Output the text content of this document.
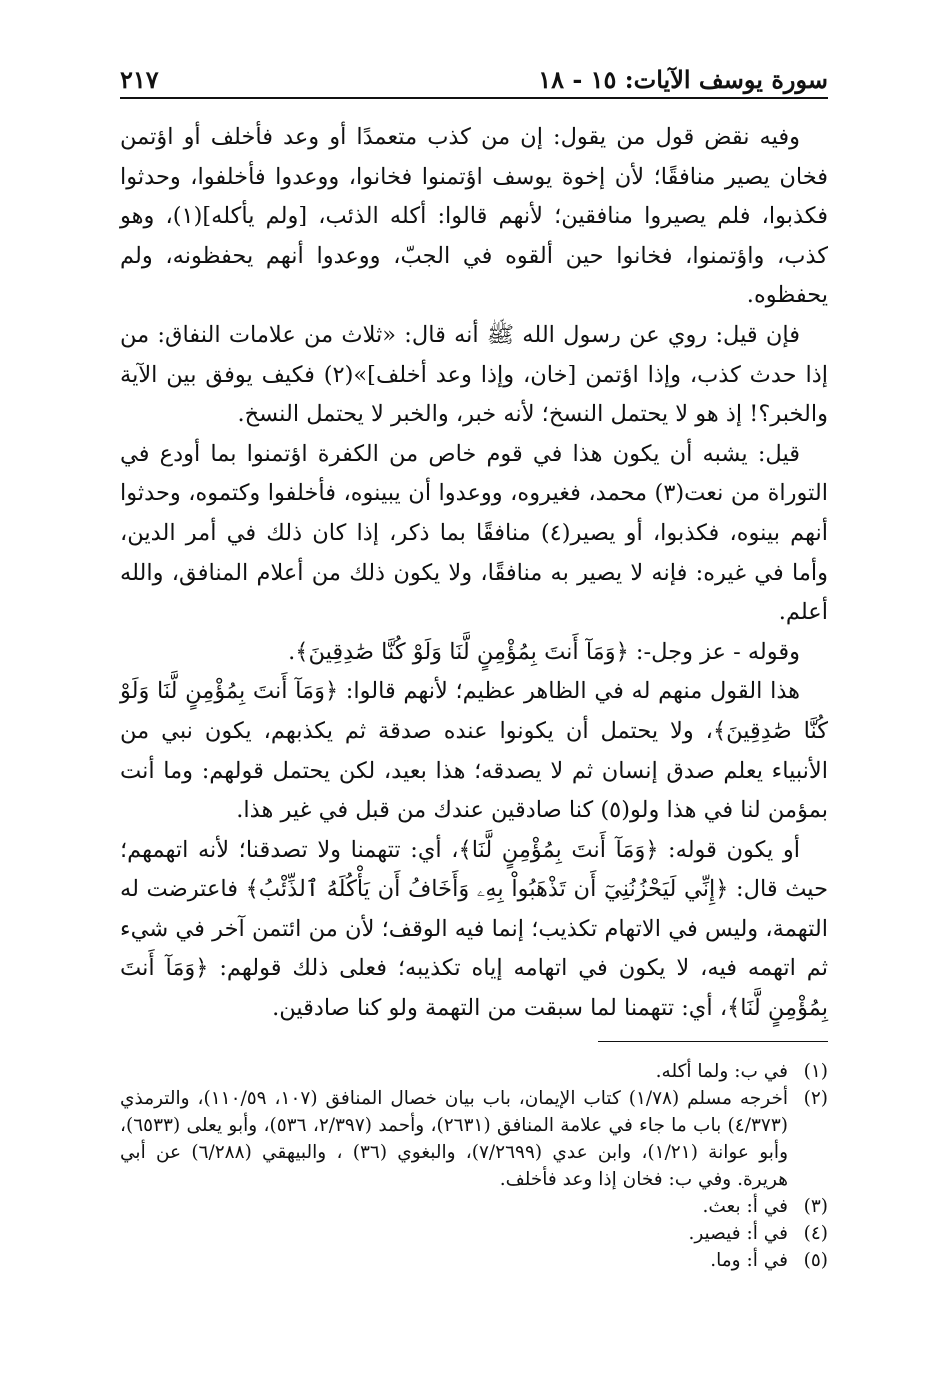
سورة يوسف الآيات: ١٥ - ١٨
٢١٧

وفيه نقض قول من يقول: إن من كذب متعمدًا أو وعد فأخلف أو اؤتمن فخان يصير منافقًا؛ لأن إخوة يوسف اؤتمنوا فخانوا، ووعدوا فأخلفوا، وحدثوا فكذبوا، فلم يصيروا منافقين؛ لأنهم قالوا: أكله الذئب، [ولم يأكله](١)، وهو كذب، واؤتمنوا، فخانوا حين ألقوه في الجبّ، ووعدوا أنهم يحفظونه، ولم يحفظوه.

فإن قيل: روي عن رسول الله ﷺ أنه قال: «ثلاث من علامات النفاق: من إذا حدث كذب، وإذا اؤتمن [خان، وإذا وعد أخلف]»(٢) فكيف يوفق بين الآية والخبر؟! إذ هو لا يحتمل النسخ؛ لأنه خبر، والخبر لا يحتمل النسخ.

قيل: يشبه أن يكون هذا في قوم خاص من الكفرة اؤتمنوا بما أودع في التوراة من نعت(٣) محمد، فغيروه، ووعدوا أن يبينوه، فأخلفوا وكتموه، وحدثوا أنهم بينوه، فكذبوا، أو يصير(٤) منافقًا بما ذكر، إذا كان ذلك في أمر الدين، وأما في غيره: فإنه لا يصير به منافقًا، ولا يكون ذلك من أعلام المنافق، والله أعلم.

وقوله - عز وجل-: ﴿وَمَآ أَنتَ بِمُؤْمِنٍ لَّنَا وَلَوْ كُنَّا صَٰدِقِينَ﴾.

هذا القول منهم له في الظاهر عظيم؛ لأنهم قالوا: ﴿وَمَآ أَنتَ بِمُؤْمِنٍ لَّنَا وَلَوْ كُنَّا صَٰدِقِينَ﴾، ولا يحتمل أن يكونوا عنده صدقة ثم يكذبهم، يكون نبي من الأنبياء يعلم صدق إنسان ثم لا يصدقه؛ هذا بعيد، لكن يحتمل قولهم: وما أنت بمؤمن لنا في هذا ولو(٥) كنا صادقين عندك من قبل في غير هذا.

أو يكون قوله: ﴿وَمَآ أَنتَ بِمُؤْمِنٍ لَّنَا﴾، أي: تتهمنا ولا تصدقنا؛ لأنه اتهمهم؛ حيث قال: ﴿إِنِّي لَيَحْزُنُنِيٓ أَن تَذْهَبُواْ بِهِۦ وَأَخَافُ أَن يَأْكُلَهُ ٱلذِّئْبُ﴾ فاعترضت له التهمة، وليس في الاتهام تكذيب؛ إنما فيه الوقف؛ لأن من ائتمن آخر في شيء ثم اتهمه فيه، لا يكون في اتهامه إياه تكذيبه؛ فعلى ذلك قولهم: ﴿وَمَآ أَنتَ بِمُؤْمِنٍ لَّنَا﴾، أي: تتهمنا لما سبقت من التهمة ولو كنا صادقين.

(١)
في ب: ولما أكله.
(٢)
أخرجه مسلم (١/٧٨) كتاب الإيمان، باب بيان خصال المنافق (١٠٧، ١١٠/٥٩)، والترمذي (٤/٣٧٣) باب ما جاء في علامة المنافق (٢٦٣١)، وأحمد (٢/٣٩٧، ٥٣٦)، وأبو يعلى (٦٥٣٣)، وأبو عوانة (١/٢١)، وابن عدي (٧/٢٦٩٩)، والبغوي (٣٦) ، والبيهقي (٦/٢٨٨) عن أبي هريرة. وفي ب: فخان إذا وعد فأخلف.
(٣)
في أ: بعث.
(٤)
في أ: فيصير.
(٥)
في أ: وما.
